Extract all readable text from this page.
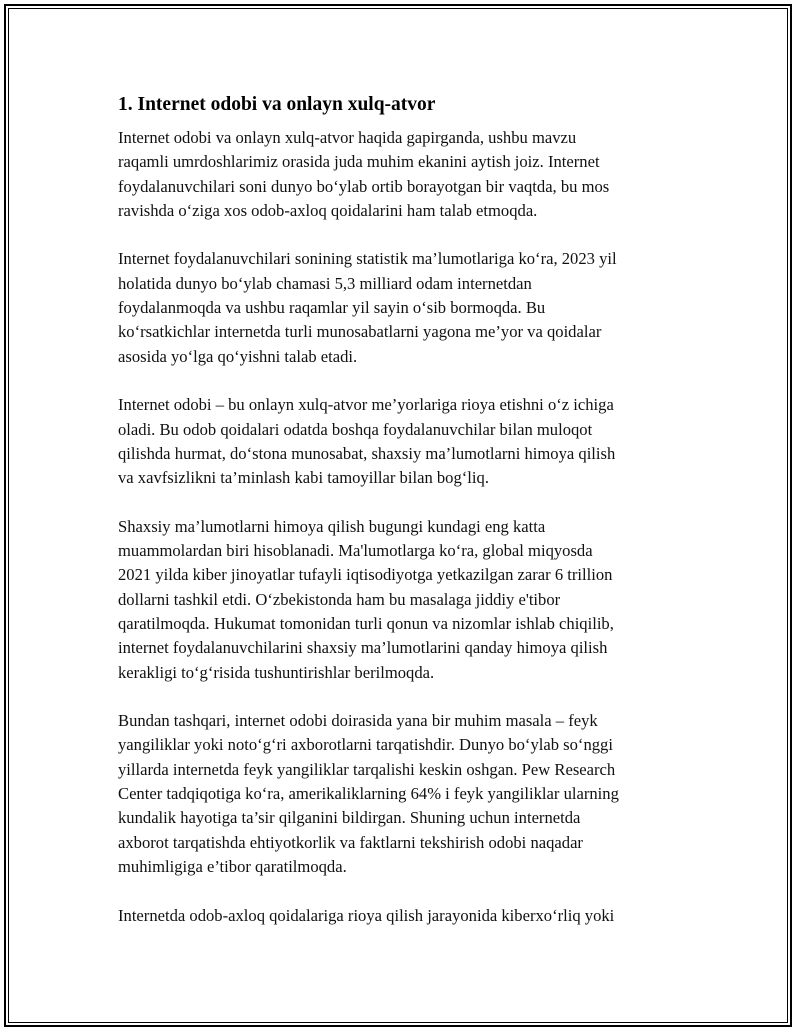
1. Internet odobi va onlayn xulq-atvor

Internet odobi va onlayn xulq-atvor haqida gapirganda, ushbu mavzu
raqamli umrdoshlarimiz orasida juda muhim ekanini aytish joiz. Internet
foydalanuvchilari soni dunyo bo‘ylab ortib borayotgan bir vaqtda, bu mos
ravishda o‘ziga xos odob-axloq qoidalarini ham talab etmoqda.

Internet foydalanuvchilari sonining statistik ma’lumotlariga ko‘ra, 2023 yil
holatida dunyo bo‘ylab chamasi 5,3 milliard odam internetdan
foydalanmoqda va ushbu raqamlar yil sayin o‘sib bormoqda. Bu
ko‘rsatkichlar internetda turli munosabatlarni yagona me’yor va qoidalar
asosida yo‘lga qo‘yishni talab etadi.

Internet odobi – bu onlayn xulq-atvor me’yorlariga rioya etishni o‘z ichiga
oladi. Bu odob qoidalari odatda boshqa foydalanuvchilar bilan muloqot
qilishda hurmat, do‘stona munosabat, shaxsiy ma’lumotlarni himoya qilish
va xavfsizlikni ta’minlash kabi tamoyillar bilan bog‘liq.

Shaxsiy ma’lumotlarni himoya qilish bugungi kundagi eng katta
muammolardan biri hisoblanadi. Ma'lumotlarga ko‘ra, global miqyosda
2021 yilda kiber jinoyatlar tufayli iqtisodiyotga yetkazilgan zarar 6 trillion
dollarni tashkil etdi. O‘zbekistonda ham bu masalaga jiddiy e'tibor
qaratilmoqda. Hukumat tomonidan turli qonun va nizomlar ishlab chiqilib,
internet foydalanuvchilarini shaxsiy ma’lumotlarini qanday himoya qilish
kerakligi to‘g‘risida tushuntirishlar berilmoqda.

Bundan tashqari, internet odobi doirasida yana bir muhim masala – feyk
yangiliklar yoki noto‘g‘ri axborotlarni tarqatishdir. Dunyo bo‘ylab so‘nggi
yillarda internetda feyk yangiliklar tarqalishi keskin oshgan. Pew Research
Center tadqiqotiga ko‘ra, amerikaliklarning 64% i feyk yangiliklar ularning
kundalik hayotiga ta’sir qilganini bildirgan. Shuning uchun internetda
axborot tarqatishda ehtiyotkorlik va faktlarni tekshirish odobi naqadar
muhimligiga e’tibor qaratilmoqda.

Internetda odob-axloq qoidalariga rioya qilish jarayonida kiberxo‘rliq yoki
